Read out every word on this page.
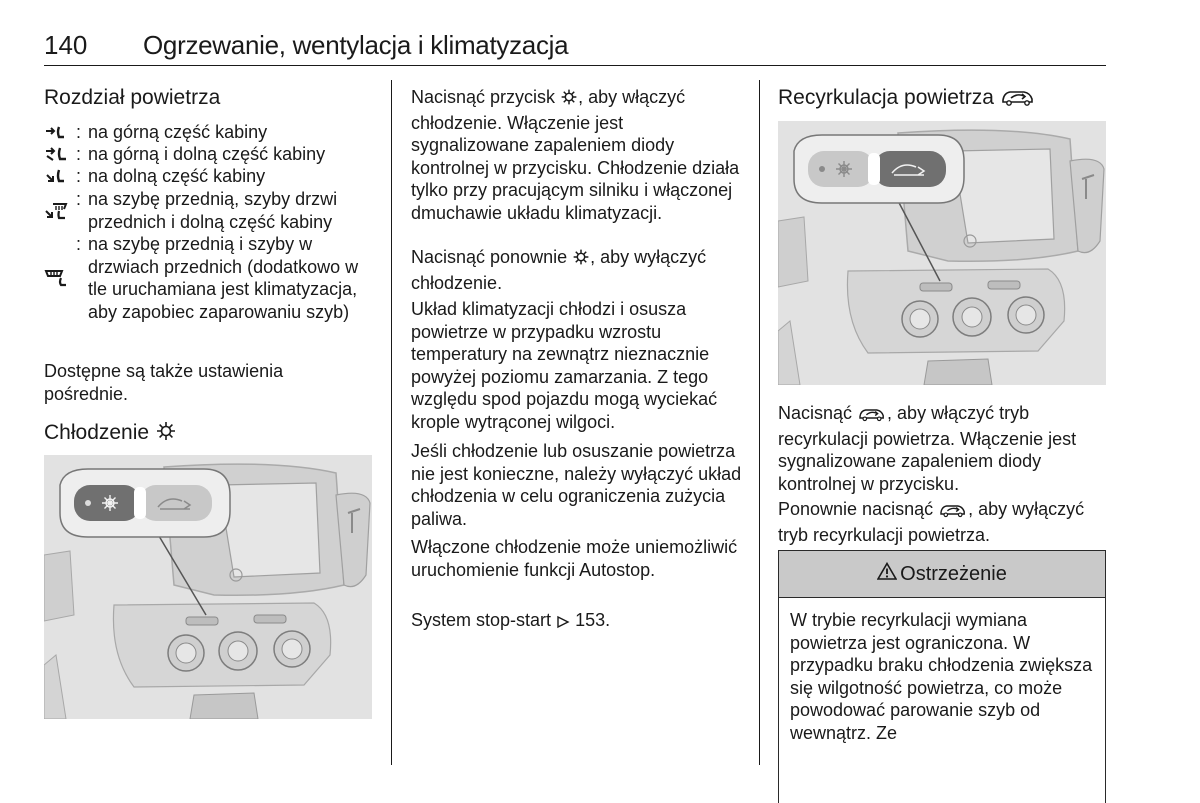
140 Ogrzewanie, wentylacja i klimatyzacja
Rozdział powietrza
: na górną część kabiny
: na górną i dolną część kabiny
: na dolną część kabiny
: na szybę przednią, szyby drzwi przednich i dolną część kabiny
: na szybę przednią i szyby w drzwiach przednich (dodatkowo w tle uruchamiana jest klimatyzacja, aby zapobiec zaparowaniu szyb)

Dostępne są także ustawienia pośrednie.

Chłodzenie

Nacisnąć przycisk , aby włączyć chłodzenie. Włączenie jest sygnalizowane zapaleniem diody kontrolnej w przycisku. Chłodzenie działa tylko przy pracującym silniku i włączonej dmuchawie układu klimatyzacji.

Nacisnąć ponownie , aby wyłączyć chłodzenie.

Układ klimatyzacji chłodzi i osusza powietrze w przypadku wzrostu temperatury na zewnątrz nieznacznie powyżej poziomu zamarzania. Z tego względu spod pojazdu mogą wyciekać krople wytrąconej wilgoci.

Jeśli chłodzenie lub osuszanie powietrza nie jest konieczne, należy wyłączyć układ chłodzenia w celu ograniczenia zużycia paliwa.

Włączone chłodzenie może uniemożliwić uruchomienie funkcji Autostop.

System stop-start 153.

Recyrkulacja powietrza

Nacisnąć , aby włączyć tryb recyrkulacji powietrza. Włączenie jest sygnalizowane zapaleniem diody kontrolnej w przycisku.

Ponownie nacisnąć , aby wyłączyć tryb recyrkulacji powietrza.

Ostrzeżenie
W trybie recyrkulacji wymiana powietrza jest ograniczona. W przypadku braku chłodzenia zwiększa się wilgotność powietrza, co może powodować parowanie szyb od wewnątrz. Ze
